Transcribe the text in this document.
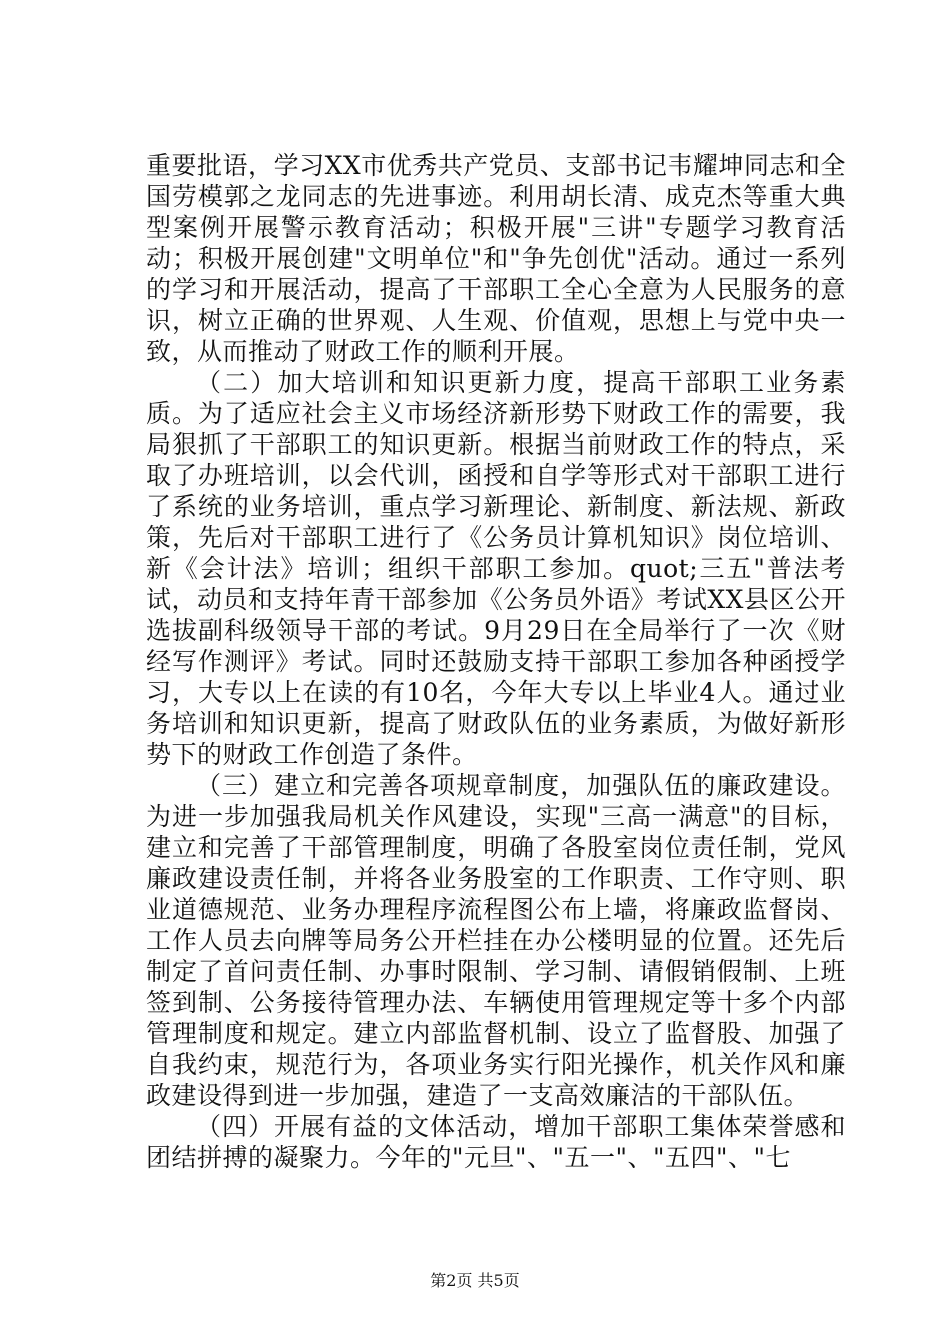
重要批语，学习XX市优秀共产党员、支部书记韦耀坤同志和全国劳模郭之龙同志的先进事迹。利用胡长清、成克杰等重大典型案例开展警示教育活动；积极开展"三讲"专题学习教育活动；积极开展创建"文明单位"和"争先创优"活动。通过一系列的学习和开展活动，提高了干部职工全心全意为人民服务的意识，树立正确的世界观、人生观、价值观，思想上与党中央一致，从而推动了财政工作的顺利开展。

（二）加大培训和知识更新力度，提高干部职工业务素质。为了适应社会主义市场经济新形势下财政工作的需要，我局狠抓了干部职工的知识更新。根据当前财政工作的特点，采取了办班培训，以会代训，函授和自学等形式对干部职工进行了系统的业务培训，重点学习新理论、新制度、新法规、新政策，先后对干部职工进行了《公务员计算机知识》岗位培训、新《会计法》培训；组织干部职工参加。quot;三五"普法考试，动员和支持年青干部参加《公务员外语》考试XX县区公开选拔副科级领导干部的考试。9月29日在全局举行了一次《财经写作测评》考试。同时还鼓励支持干部职工参加各种函授学习，大专以上在读的有10名，今年大专以上毕业4人。通过业务培训和知识更新，提高了财政队伍的业务素质，为做好新形势下的财政工作创造了条件。

（三）建立和完善各项规章制度，加强队伍的廉政建设。为进一步加强我局机关作风建设，实现"三高一满意"的目标，建立和完善了干部管理制度，明确了各股室岗位责任制，党风廉政建设责任制，并将各业务股室的工作职责、工作守则、职业道德规范、业务办理程序流程图公布上墙，将廉政监督岗、工作人员去向牌等局务公开栏挂在办公楼明显的位置。还先后制定了首问责任制、办事时限制、学习制、请假销假制、上班签到制、公务接待管理办法、车辆使用管理规定等十多个内部管理制度和规定。建立内部监督机制、设立了监督股、加强了自我约束，规范行为，各项业务实行阳光操作，机关作风和廉政建设得到进一步加强，建造了一支高效廉洁的干部队伍。

（四）开展有益的文体活动，增加干部职工集体荣誉感和团结拼搏的凝聚力。今年的"元旦"、"五一"、"五四"、"七

第2页 共5页
